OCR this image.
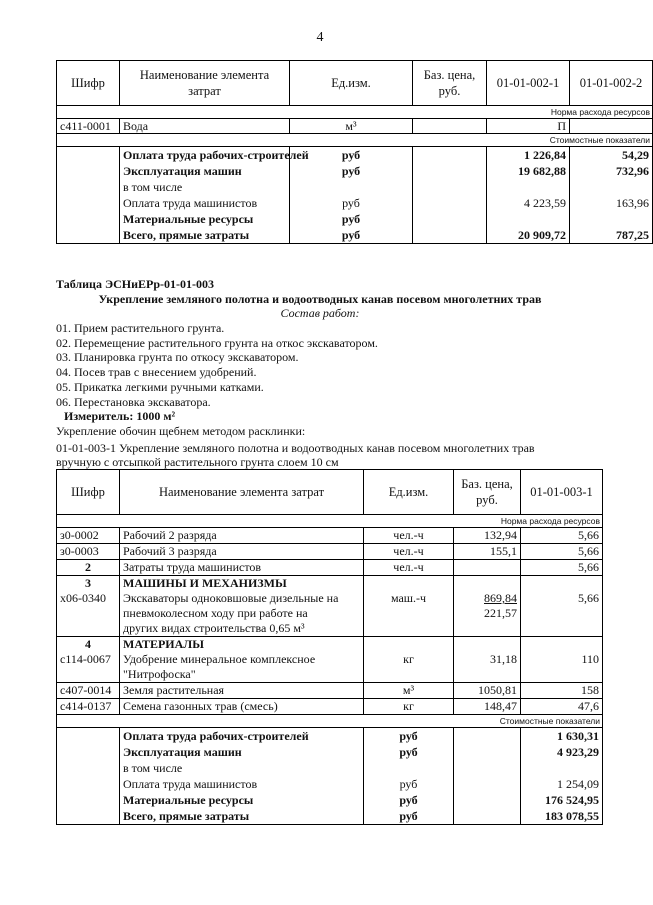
4
Шифр	Наименование элемента затрат	Ед.изм.	Баз. цена, руб.	01-01-002-1	01-01-002-2
Норма расхода ресурсов					
с411-0001	Вода	м³		П	
Стоимостные показатели					
	Оплата труда рабочих-строителей	руб		1 226,84	54,29
	Эксплуатация машин	руб		19 682,88	732,96
	в том числе				
	Оплата труда машинистов	руб		4 223,59	163,96
	Материальные ресурсы	руб			
	Всего, прямые затраты	руб		20 909,72	787,25
Таблица ЭСНиЕРр-01-01-003
Укрепление земляного полотна и водоотводных канав посевом многолетних трав
Состав работ:
01. Прием растительного грунта.
02. Перемещение растительного грунта на откос экскаватором.
03. Планировка грунта по откосу экскаватором.
04. Посев трав с внесением удобрений.
05. Прикатка легкими ручными катками.
06. Перестановка экскаватора.
Измеритель: 1000 м²
Укрепление обочин щебнем методом расклинки:
01-01-003-1 Укрепление земляного полотна и водоотводных канав посевом многолетних трав
вручную с отсыпкой растительного грунта слоем 10 см
Шифр	Наименование элемента затрат	Ед.изм.	Баз. цена, руб.	01-01-003-1
Норма расхода ресурсов				
з0-0002	Рабочий 2 разряда	чел.-ч	132,94	5,66
з0-0003	Рабочий 3 разряда	чел.-ч	155,1	5,66
2	Затраты труда машинистов	чел.-ч		5,66
3	МАШИНЫ И МЕХАНИЗМЫ			
х06-0340	Экскаваторы одноковшовые дизельные на	маш.-ч	869,84	5,66
	пневмоколесном ходу при работе на		221,57	
	других видах строительства 0,65 м³			
4	МАТЕРИАЛЫ			
с114-0067	Удобрение минеральное комплексное	кг	31,18	110
	"Нитрофоска"			
с407-0014	Земля растительная	м³	1050,81	158
с414-0137	Семена газонных трав (смесь)	кг	148,47	47,6
Стоимостные показатели				
	Оплата труда рабочих-строителей	руб		1 630,31
	Эксплуатация машин	руб		4 923,29
	в том числе			
	Оплата труда машинистов	руб		1 254,09
	Материальные ресурсы	руб		176 524,95
	Всего, прямые затраты	руб		183 078,55
